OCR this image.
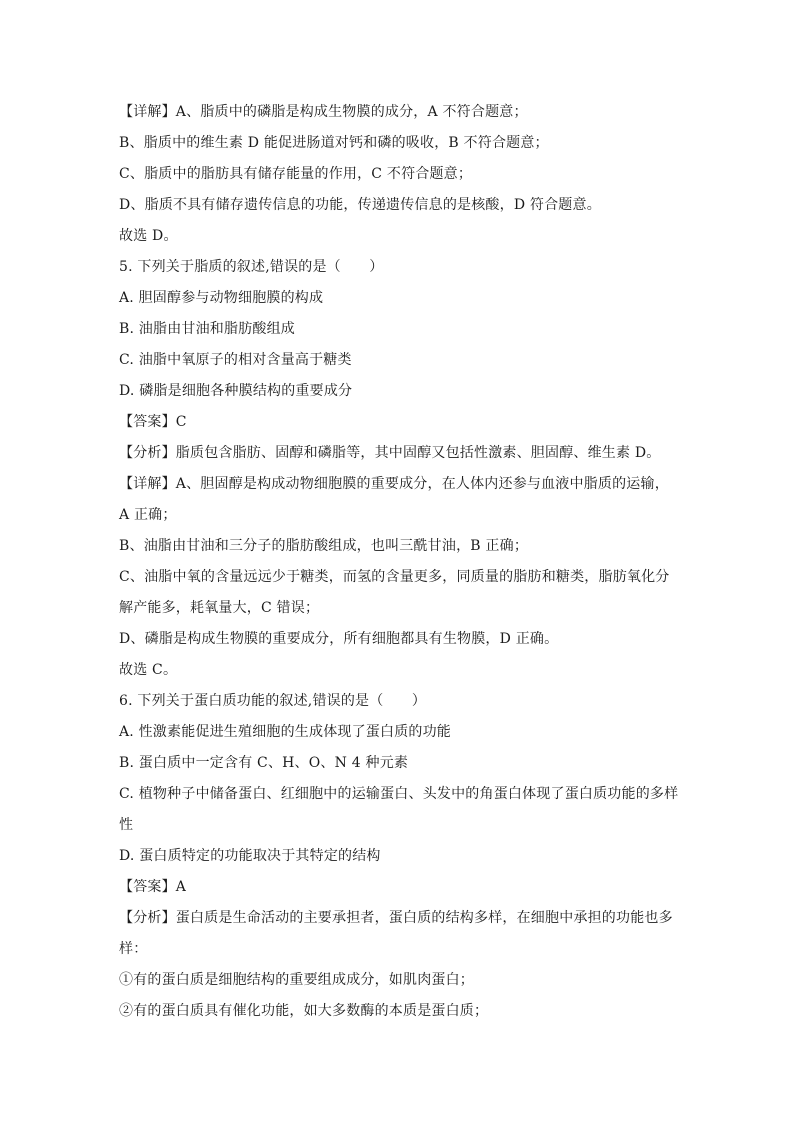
【详解】A、脂质中的磷脂是构成生物膜的成分，A 不符合题意；
B、脂质中的维生素 D 能促进肠道对钙和磷的吸收，B 不符合题意；
C、脂质中的脂肪具有储存能量的作用，C 不符合题意；
D、脂质不具有储存遗传信息的功能，传递遗传信息的是核酸，D 符合题意。
故选 D。
5. 下列关于脂质的叙述,错误的是（　　）
A. 胆固醇参与动物细胞膜的构成
B. 油脂由甘油和脂肪酸组成
C. 油脂中氧原子的相对含量高于糖类
D. 磷脂是细胞各种膜结构的重要成分
【答案】C
【分析】脂质包含脂肪、固醇和磷脂等，其中固醇又包括性激素、胆固醇、维生素 D。
【详解】A、胆固醇是构成动物细胞膜的重要成分，在人体内还参与血液中脂质的运输，
A 正确；
B、油脂由甘油和三分子的脂肪酸组成，也叫三酰甘油，B 正确；
C、油脂中氧的含量远远少于糖类，而氢的含量更多，同质量的脂肪和糖类，脂肪氧化分
解产能多，耗氧量大，C 错误；
D、磷脂是构成生物膜的重要成分，所有细胞都具有生物膜，D 正确。
故选 C。
6. 下列关于蛋白质功能的叙述,错误的是（　　）
A. 性激素能促进生殖细胞的生成体现了蛋白质的功能
B. 蛋白质中一定含有 C、H、O、N 4 种元素
C. 植物种子中储备蛋白、红细胞中的运输蛋白、头发中的角蛋白体现了蛋白质功能的多样
性
D. 蛋白质特定的功能取决于其特定的结构
【答案】A
【分析】蛋白质是生命活动的主要承担者，蛋白质的结构多样，在细胞中承担的功能也多
样：
①有的蛋白质是细胞结构的重要组成成分，如肌肉蛋白；
②有的蛋白质具有催化功能，如大多数酶的本质是蛋白质；
